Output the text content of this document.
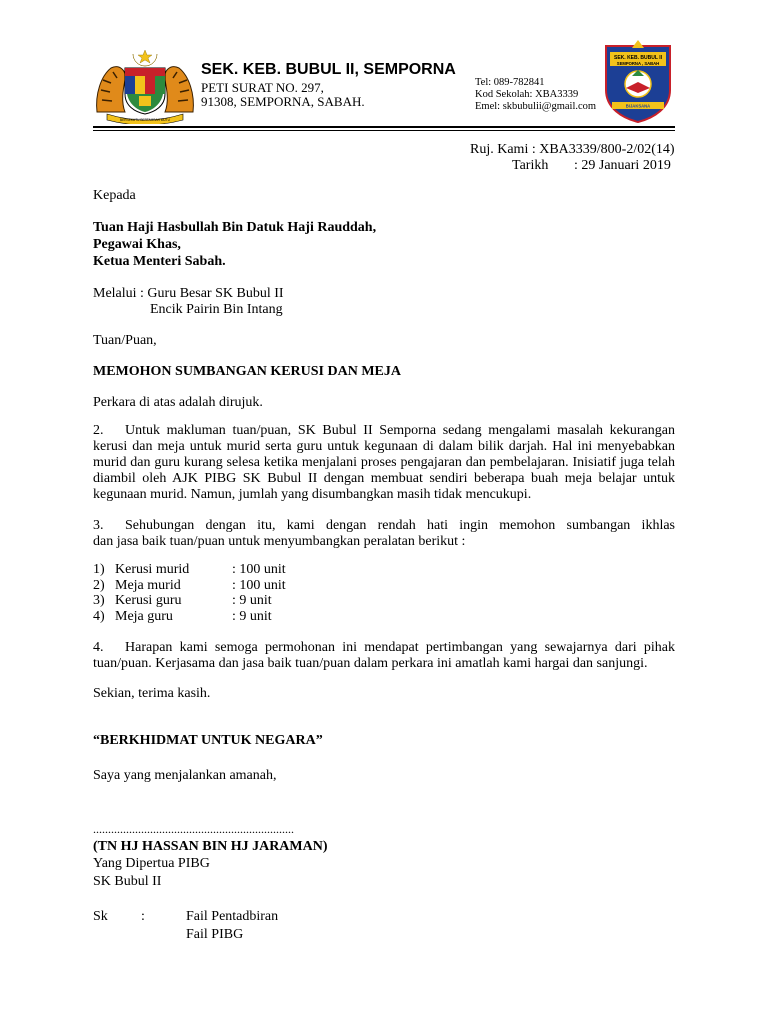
BERSEKUTU BERTAMBAH MUTU
SEK. KEB. BUBUL II, SEMPORNA
PETI SURAT NO. 297,
91308, SEMPORNA, SABAH.
Tel: 089-782841
Kod Sekolah: XBA3339
Emel: skbubulii@gmail.com
SEK. KEB. BUBUL II
SEMPORNA , SABAH
BIJAKSANA
Ruj. Kami : XBA3339/800-2/02(14)
Tarikh : 29 Januari 2019
Kepada
Tuan Haji Hasbullah Bin Datuk Haji Rauddah,
Pegawai Khas,
Ketua Menteri Sabah.
Melalui : Guru Besar SK Bubul II
Encik Pairin Bin Intang
Tuan/Puan,
MEMOHON SUMBANGAN KERUSI DAN MEJA
Perkara di atas adalah dirujuk.
2.	Untuk makluman tuan/puan, SK Bubul II Semporna sedang mengalami masalah kekurangan kerusi dan meja untuk murid serta guru untuk kegunaan di dalam bilik darjah. Hal ini menyebabkan murid dan guru kurang selesa ketika menjalani proses pengajaran dan pembelajaran. Inisiatif juga telah diambil oleh AJK PIBG SK Bubul II dengan membuat sendiri beberapa buah meja belajar untuk kegunaan murid. Namun, jumlah yang disumbangkan masih tidak mencukupi.
3.	Sehubungan dengan itu, kami dengan rendah hati ingin memohon sumbangan ikhlas dan jasa baik tuan/puan untuk menyumbangkan peralatan berikut :
1) Kerusi murid	: 100 unit
2) Meja murid	: 100 unit
3) Kerusi guru	: 9 unit
4) Meja guru	: 9 unit
4.	Harapan kami semoga permohonan ini mendapat pertimbangan yang sewajarnya dari pihak tuan/puan. Kerjasama dan jasa baik tuan/puan dalam perkara ini amatlah kami hargai dan sanjungi.
Sekian, terima kasih.
“BERKHIDMAT UNTUK NEGARA”
Saya yang menjalankan amanah,
...................................................................
(TN HJ HASSAN BIN HJ JARAMAN)
Yang Dipertua PIBG
SK Bubul II
Sk :	Fail Pentadbiran
Fail PIBG
